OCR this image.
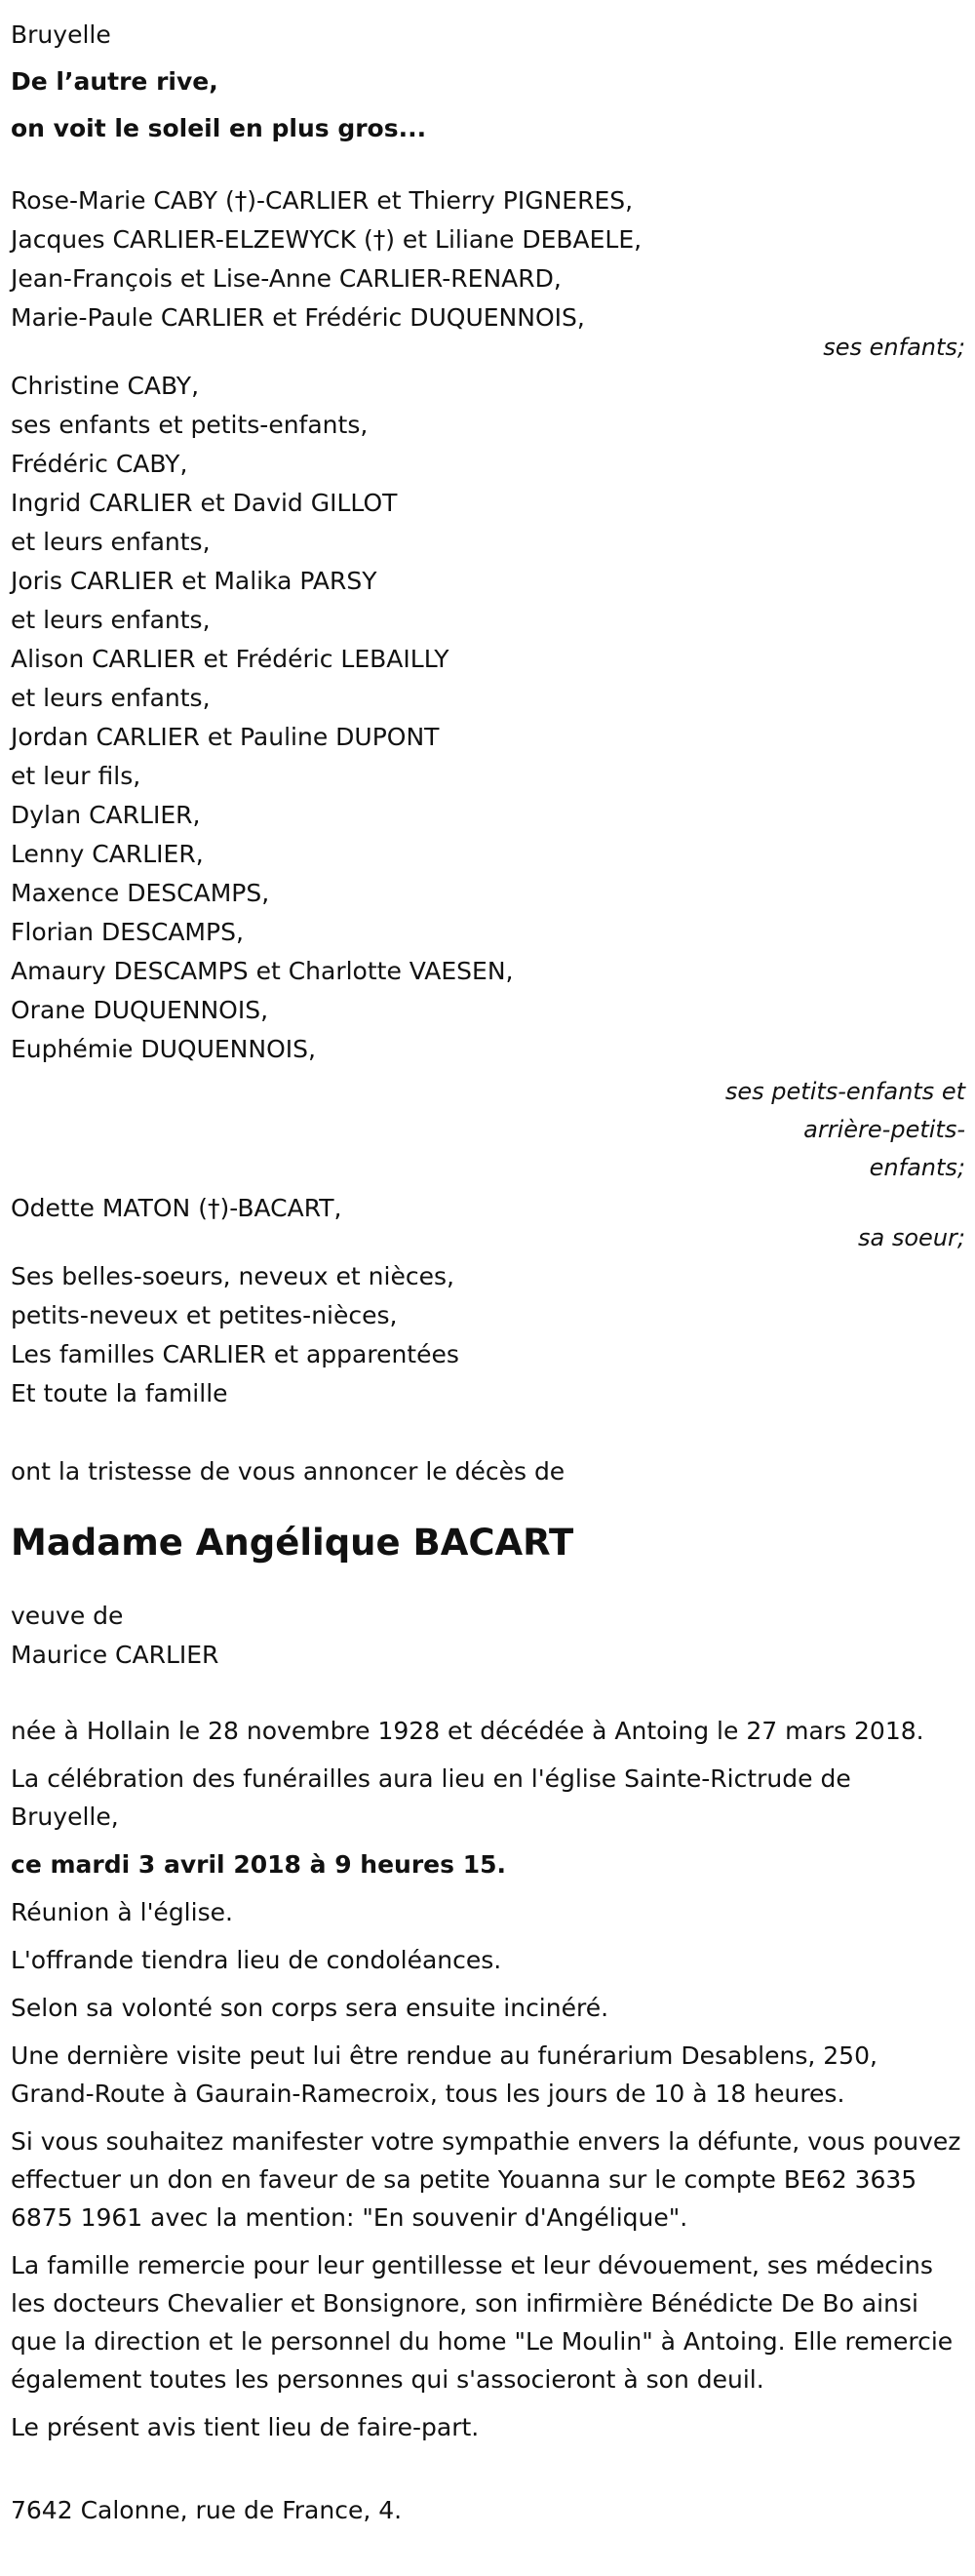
Bruyelle

De l’autre rive,

on voit le soleil en plus gros...

Rose-Marie CABY (†)-CARLIER et Thierry PIGNERES,

Jacques CARLIER-ELZEWYCK (†) et Liliane DEBAELE,

Jean-François et Lise-Anne CARLIER-RENARD,

Marie-Paule CARLIER et Frédéric DUQUENNOIS,

ses enfants;

Christine CABY,

ses enfants et petits-enfants,

Frédéric CABY,

Ingrid CARLIER et David GILLOT

et leurs enfants,

Joris CARLIER et Malika PARSY

et leurs enfants,

Alison CARLIER et Frédéric LEBAILLY

et leurs enfants,

Jordan CARLIER et Pauline DUPONT

et leur fils,

Dylan CARLIER,

Lenny CARLIER,

Maxence DESCAMPS,

Florian DESCAMPS,

Amaury DESCAMPS et Charlotte VAESEN,

Orane DUQUENNOIS,

Euphémie DUQUENNOIS,

ses petits-enfants et arrière-petits-enfants;

Odette MATON (†)-BACART,

sa soeur;

Ses belles-soeurs, neveux et nièces,

petits-neveux et petites-nièces,

Les familles CARLIER et apparentées

Et toute la famille

ont la tristesse de vous annoncer le décès de

Madame Angélique BACART

veuve de

Maurice CARLIER

née à Hollain le 28 novembre 1928 et décédée à Antoing le 27 mars 2018.

La célébration des funérailles aura lieu en l'église Sainte-Rictrude de Bruyelle,

ce mardi 3 avril 2018 à 9 heures 15.

Réunion à l'église.

L'offrande tiendra lieu de condoléances.

Selon sa volonté son corps sera ensuite incinéré.

Une dernière visite peut lui être rendue au funérarium Desablens, 250, Grand-Route à Gaurain-Ramecroix, tous les jours de 10 à 18 heures.

Si vous souhaitez manifester votre sympathie envers la défunte, vous pouvez effectuer un don en faveur de sa petite Youanna sur le compte BE62 3635 6875 1961 avec la mention: "En souvenir d'Angélique".

La famille remercie pour leur gentillesse et leur dévouement, ses médecins les docteurs Chevalier et Bonsignore, son infirmière Bénédicte De Bo ainsi que la direction et le personnel du home "Le Moulin" à Antoing. Elle remercie également toutes les personnes qui s'associeront à son deuil.

Le présent avis tient lieu de faire-part.

7642 Calonne, rue de France, 4.
